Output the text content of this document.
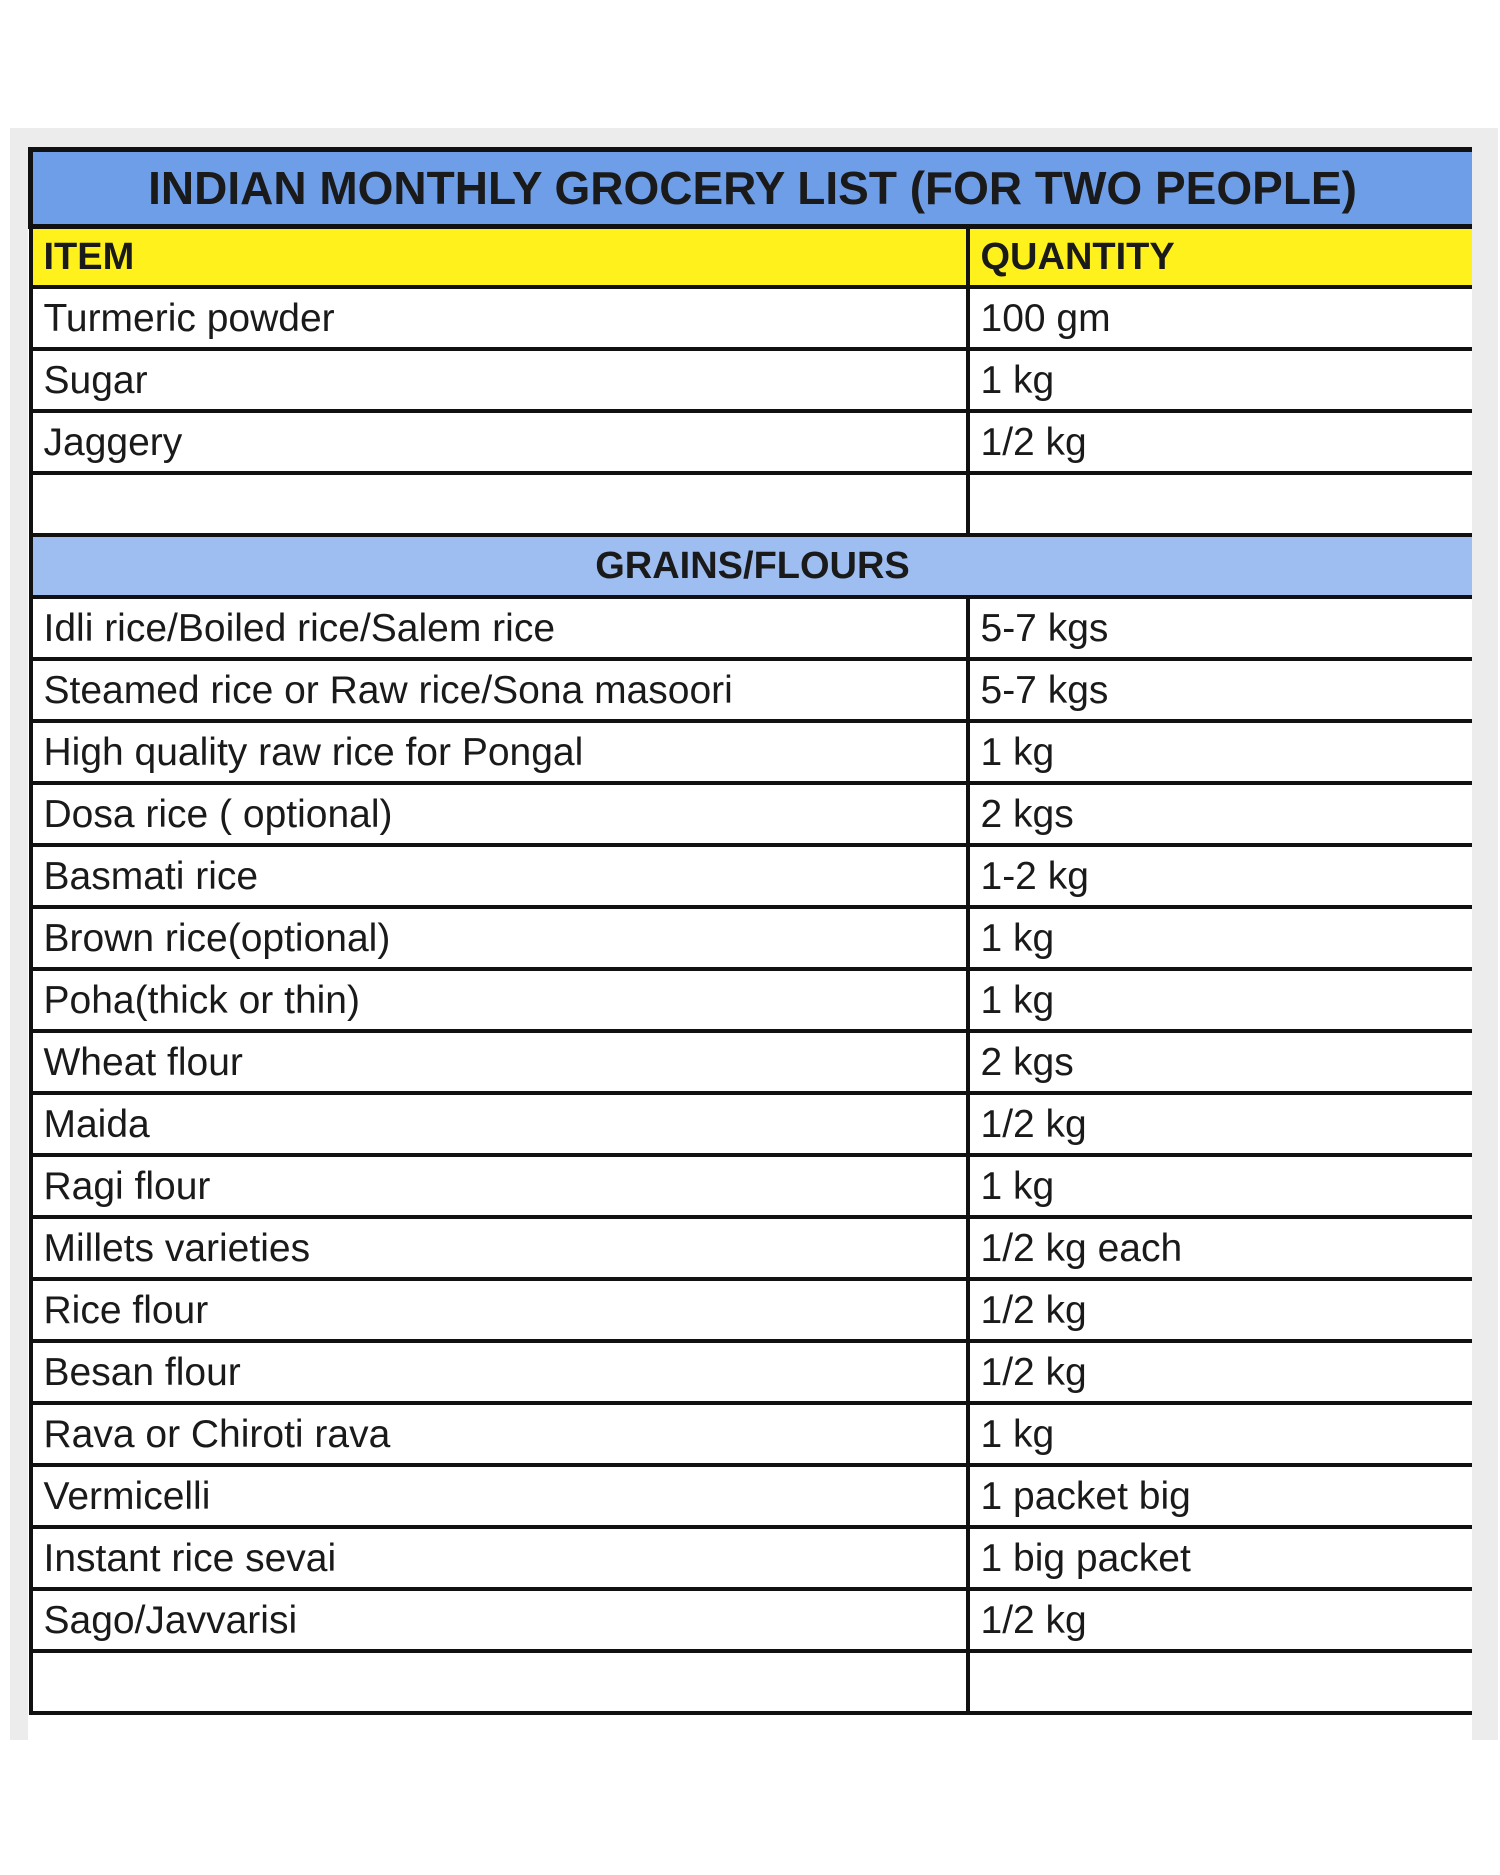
INDIAN MONTHLY GROCERY LIST (FOR TWO PEOPLE)	
ITEM	QUANTITY
Turmeric powder	100 gm
Sugar	1 kg
Jaggery	1/2 kg

GRAINS/FLOURS	
Idli rice/Boiled rice/Salem rice	5-7 kgs
Steamed rice or Raw rice/Sona masoori	5-7 kgs
High quality raw rice for Pongal	1 kg
Dosa rice ( optional)	2 kgs
Basmati rice	1-2 kg
Brown rice(optional)	1 kg
Poha(thick or thin)	1 kg
Wheat flour	2 kgs
Maida	1/2 kg
Ragi flour	1 kg
Millets varieties	1/2 kg each
Rice flour	1/2 kg
Besan flour	1/2 kg
Rava or Chiroti rava	1 kg
Vermicelli	1 packet big
Instant rice sevai	1 big packet
Sago/Javvarisi	1/2 kg
